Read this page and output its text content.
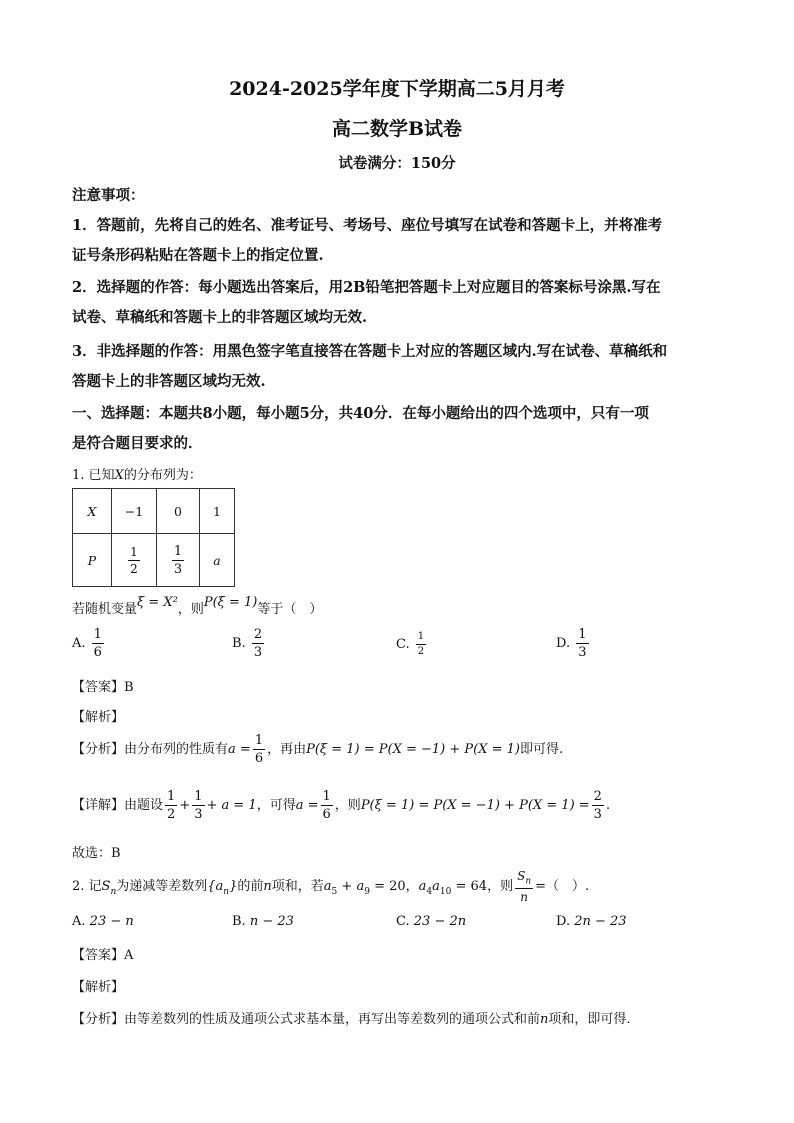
2024-2025学年度下学期高二5月月考
高二数学B试卷
试卷满分：150分
注意事项：
1．答题前，先将自己的姓名、准考证号、考场号、座位号填写在试卷和答题卡上，并将准考
证号条形码粘贴在答题卡上的指定位置.
2．选择题的作答：每小题选出答案后，用2B铅笔把答题卡上对应题目的答案标号涂黑.写在
试卷、草稿纸和答题卡上的非答题区域均无效.
3．非选择题的作答：用黑色签字笔直接答在答题卡上对应的答题区域内.写在试卷、草稿纸和
答题卡上的非答题区域均无效.
一、选择题：本题共8小题，每小题5分，共40分．在每小题给出的四个选项中，只有一项
是符合题目要求的．
1. 已知X的分布列为：
X	−1	0	1
P	$\frac{1}{2}$	$\frac{1}{3}$	a
若随机变量ξ = X²，则P(ξ = 1)等于（　）
A. $\frac{1}{6}$	B. $\frac{2}{3}$	C. $\frac{1}{2}$	D. $\frac{1}{3}$
【答案】B
【解析】
【分析】由分布列的性质有$a = \frac{1}{6}$ ，再由P(ξ = 1) = P(X = −1) + P(X = 1)即可得.
【详解】由题设 $\frac{1}{2} + \frac{1}{3} + a = 1$，可得$a = \frac{1}{6}$ ，则$P(\xi = 1) = P(X = -1) + P(X = 1) = \frac{2}{3}$ .
故选：B
2. 记$S_n$为递减等差数列$\{a_n\}$的前n项和，若$a_5 + a_9 = 20$，$a_4a_{10} = 64$，则 $\frac{S_n}{n}$ =（　）.
A. 23 − n	B. n − 23	C. 23 − 2n	D. 2n − 23
【答案】A
【解析】
【分析】由等差数列的性质及通项公式求基本量，再写出等差数列的通项公式和前n项和，即可得.
